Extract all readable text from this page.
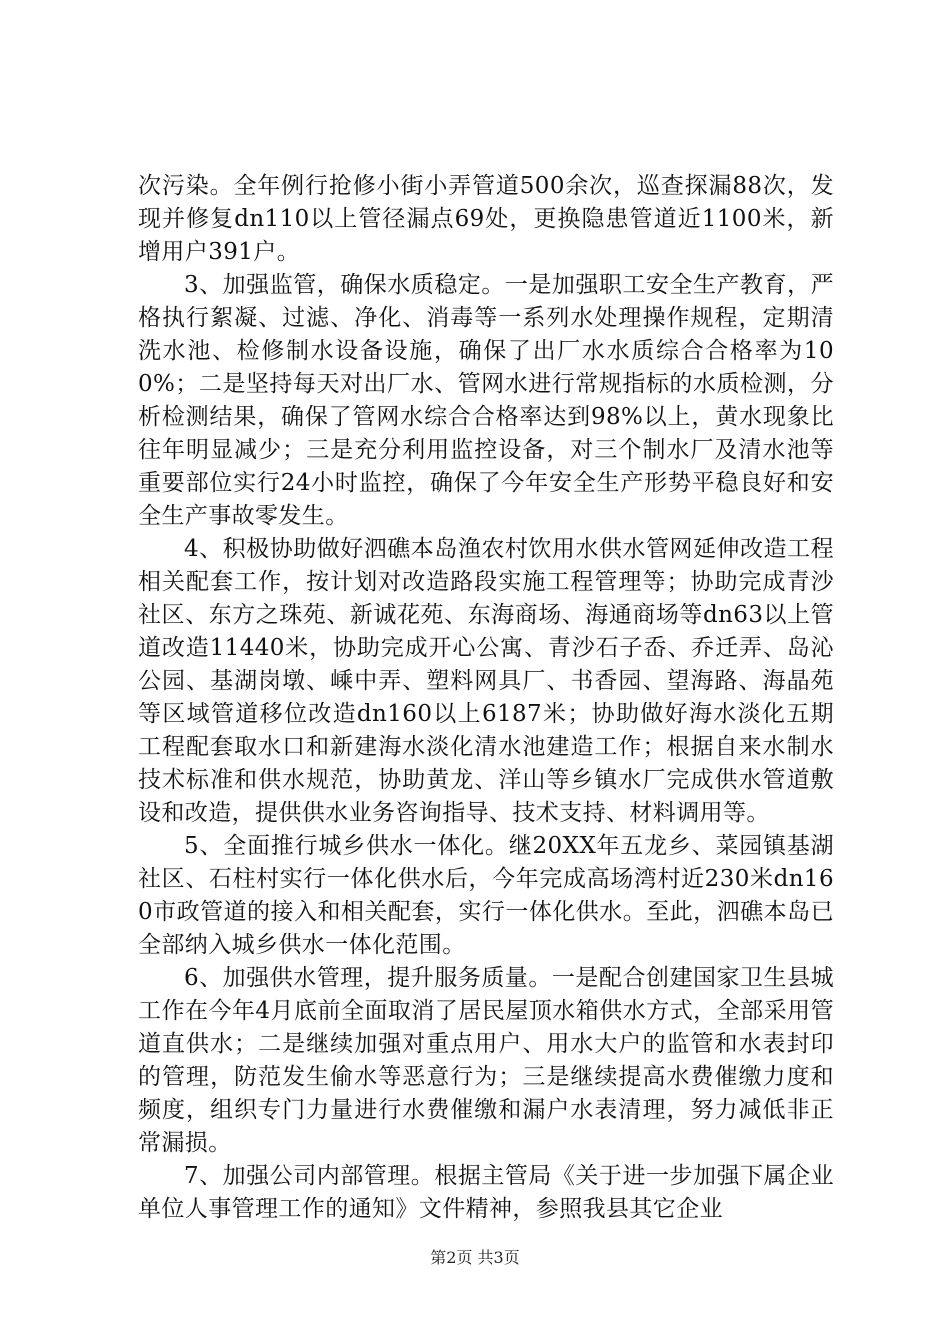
次污染。全年例行抢修小街小弄管道500余次，巡查探漏88次，发现并修复dn110以上管径漏点69处，更换隐患管道近1100米，新增用户391户。

3、加强监管，确保水质稳定。一是加强职工安全生产教育，严格执行絮凝、过滤、净化、消毒等一系列水处理操作规程，定期清洗水池、检修制水设备设施，确保了出厂水水质综合合格率为100%；二是坚持每天对出厂水、管网水进行常规指标的水质检测，分析检测结果，确保了管网水综合合格率达到98%以上，黄水现象比往年明显减少；三是充分利用监控设备，对三个制水厂及清水池等重要部位实行24小时监控，确保了今年安全生产形势平稳良好和安全生产事故零发生。

4、积极协助做好泗礁本岛渔农村饮用水供水管网延伸改造工程相关配套工作，按计划对改造路段实施工程管理等；协助完成青沙社区、东方之珠苑、新诚花苑、东海商场、海通商场等dn63以上管道改造11440米，协助完成开心公寓、青沙石子岙、乔迁弄、岛沁公园、基湖岗墩、嵊中弄、塑料网具厂、书香园、望海路、海晶苑等区域管道移位改造dn160以上6187米；协助做好海水淡化五期工程配套取水口和新建海水淡化清水池建造工作；根据自来水制水技术标准和供水规范，协助黄龙、洋山等乡镇水厂完成供水管道敷设和改造，提供供水业务咨询指导、技术支持、材料调用等。

5、全面推行城乡供水一体化。继20XX年五龙乡、菜园镇基湖社区、石柱村实行一体化供水后，今年完成高场湾村近230米dn160市政管道的接入和相关配套，实行一体化供水。至此，泗礁本岛已全部纳入城乡供水一体化范围。

6、加强供水管理，提升服务质量。一是配合创建国家卫生县城工作在今年4月底前全面取消了居民屋顶水箱供水方式，全部采用管道直供水；二是继续加强对重点用户、用水大户的监管和水表封印的管理，防范发生偷水等恶意行为；三是继续提高水费催缴力度和频度，组织专门力量进行水费催缴和漏户水表清理，努力减低非正常漏损。

7、加强公司内部管理。根据主管局《关于进一步加强下属企业单位人事管理工作的通知》文件精神，参照我县其它企业

第2页 共3页
